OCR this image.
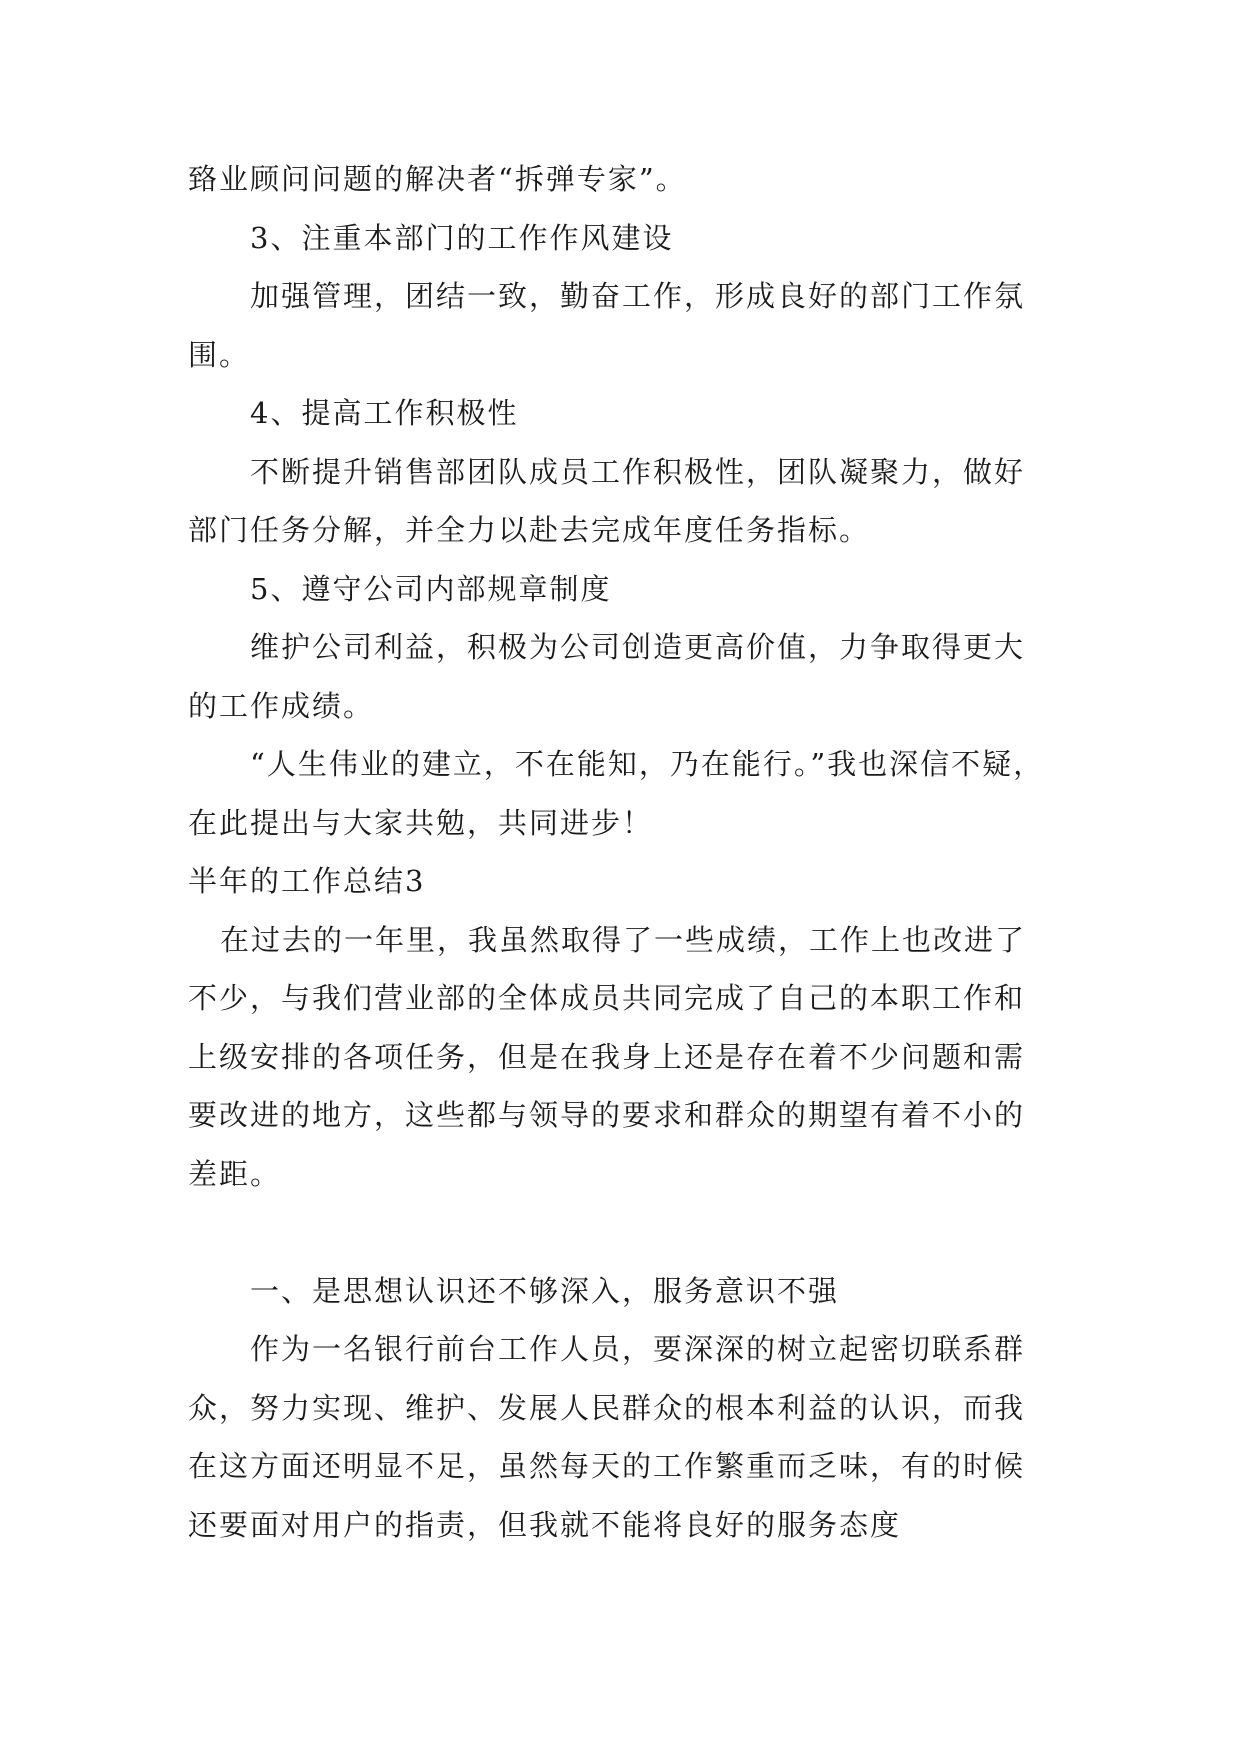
臵业顾问问题的解决者“拆弹专家”。

3、注重本部门的工作作风建设

加强管理，团结一致，勤奋工作，形成良好的部门工作氛围。

4、提高工作积极性

不断提升销售部团队成员工作积极性，团队凝聚力，做好部门任务分解，并全力以赴去完成年度任务指标。

5、遵守公司内部规章制度

维护公司利益，积极为公司创造更高价值，力争取得更大的工作成绩。

“人生伟业的建立，不在能知，乃在能行。”我也深信不疑，在此提出与大家共勉，共同进步！

半年的工作总结3

在过去的一年里，我虽然取得了一些成绩，工作上也改进了不少，与我们营业部的全体成员共同完成了自己的本职工作和上级安排的各项任务，但是在我身上还是存在着不少问题和需要改进的地方，这些都与领导的要求和群众的期望有着不小的差距。

一、是思想认识还不够深入，服务意识不强

作为一名银行前台工作人员，要深深的树立起密切联系群众，努力实现、维护、发展人民群众的根本利益的认识，而我在这方面还明显不足，虽然每天的工作繁重而乏味，有的时候还要面对用户的指责，但我就不能将良好的服务态度
